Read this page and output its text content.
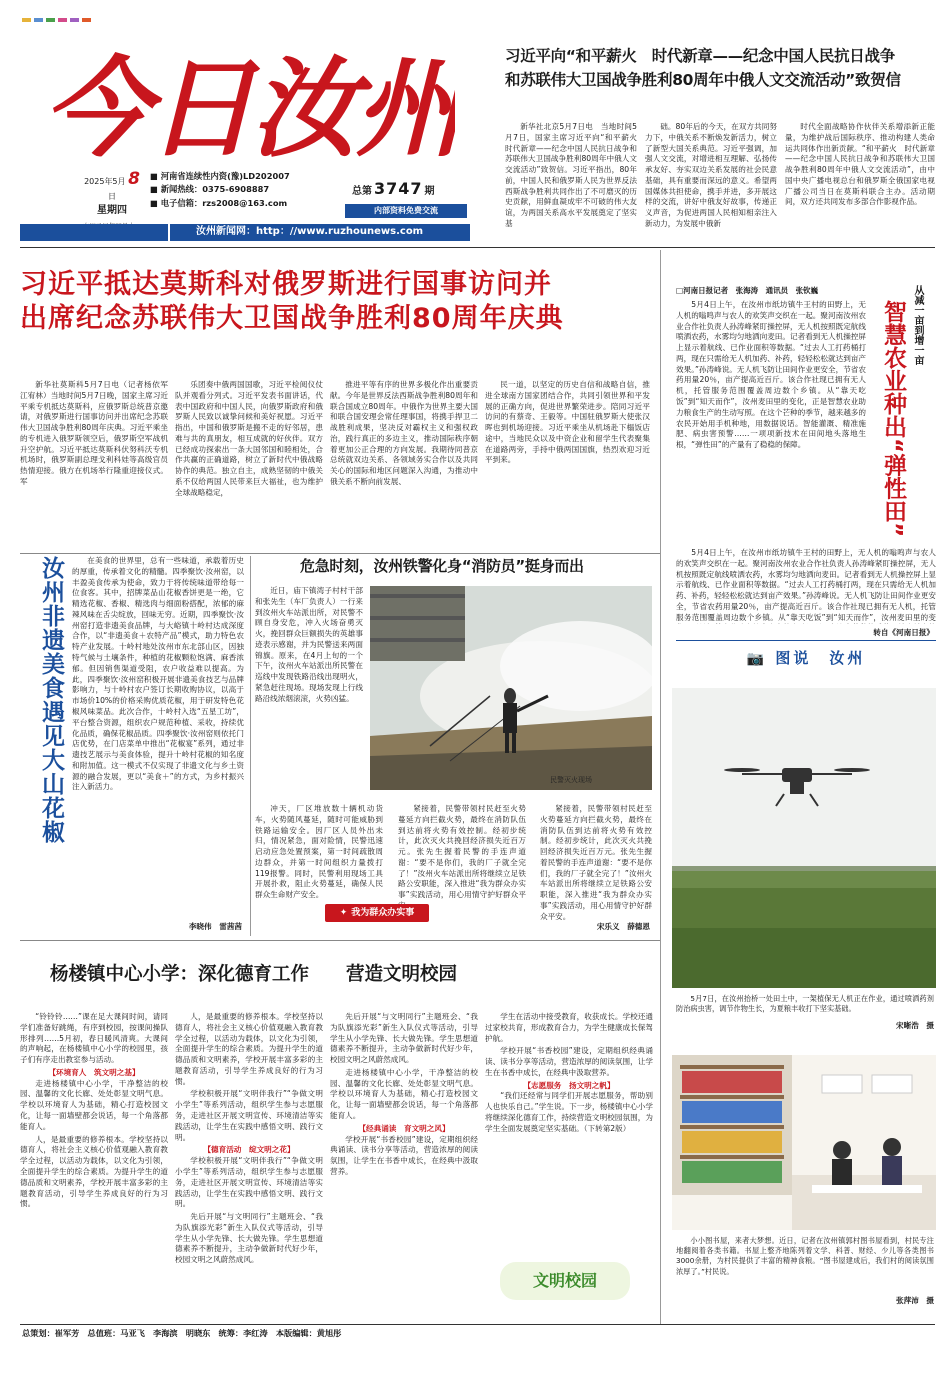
今日汝州
2025年5月 8 日
星期四
■ 河南省连续性内资(豫)LD202007
■ 新闻热线：0375-6908887
■ 电子信箱：rzs2008@163.com
总第 3747 期
内部资料免费交流
汝州新闻网：http：//www.ruzhounews.com
习近平向“和平薪火　时代新章——纪念中国人民抗日战争
和苏联伟大卫国战争胜利80周年中俄人文交流活动”致贺信

新华社北京5月7日电　当地时间5月7日，国家主席习近平向“和平薪火　时代新章——纪念中国人民抗日战争和苏联伟大卫国战争胜利80周年中俄人文交流活动”致贺信。习近平指出，80年前，中国人民和俄罗斯人民为世界反法西斯战争胜利共同作出了不可磨灭的历史贡献，用鲜血凝成牢不可破的伟大友谊，为两国关系高水平发展奠定了坚实基

础。80年后的今天，在双方共同努力下，中俄关系不断焕发新活力，树立了新型大国关系典范。习近平强调，加强人文交流，对增进相互理解、弘扬传承友好、夯实双边关系发展的社会民意基础，具有重要而深远的意义。希望两国媒体共担使命，携手并进，多开展这样的交流，讲好中俄友好故事，传递正义声音，为促进两国人民相知相亲注入新动力，为发展中俄新

时代全面战略协作伙伴关系增添新正能量，为维护战后国际秩序、推动构建人类命运共同体作出新贡献。“和平薪火　时代新章——纪念中国人民抗日战争和苏联伟大卫国战争胜利80周年中俄人文交流活动”，由中国中央广播电视总台和俄罗斯全俄国家电视广播公司当日在莫斯科联合主办。活动期间，双方还共同发布多部合作影视作品。

习近平抵达莫斯科对俄罗斯进行国事访问并
出席纪念苏联伟大卫国战争胜利80周年庆典

新华社莫斯科5月7日电（记者杨依军　江宥林）当地时间5月7日晚，国家主席习近平乘专机抵达莫斯科，应俄罗斯总统普京邀请，对俄罗斯进行国事访问并出席纪念苏联伟大卫国战争胜利80周年庆典。习近平乘坐的专机进入俄罗斯领空后，俄罗斯空军战机升空护航。习近平抵达莫斯科伏努科沃专机机场时，俄罗斯副总理戈利科娃等高级官员热情迎接。俄方在机场举行隆重迎接仪式。军

乐团奏中俄两国国歌，习近平检阅仪仗队并观看分列式。习近平发表书面讲话，代表中国政府和中国人民，向俄罗斯政府和俄罗斯人民致以诚挚问候和美好祝愿。习近平指出，中国和俄罗斯是搬不走的好邻居，患难与共的真朋友，相互成就的好伙伴。双方已经成功探索出一条大国邻国和睦相处，合作共赢的正确道路，树立了新时代中俄战略协作的典范。独立自主，成熟坚韧的中俄关系不仅给两国人民带来巨大福祉，也为维护全球战略稳定，

推进平等有序的世界多极化作出重要贡献。今年是世界反法西斯战争胜利80周年和联合国成立80周年。中俄作为世界主要大国和联合国安理会常任理事国，将携手捍卫二战胜利成果，坚决反对霸权主义和强权政治，践行真正的多边主义，推动国际秩序朝着更加公正合理的方向发展。我期待同普京总统就双边关系、各领域务实合作以及共同关心的国际和地区问题深入沟通，为推动中俄关系不断向前发展、

民一道，以坚定的历史自信和战略自信，推进全球南方国家团结合作，共同引领世界和平发展的正确方向，促进世界繁荣进步。陪同习近平访问的有蔡奇、王毅等。中国驻俄罗斯大使张汉晖也到机场迎接。习近平乘坐从机场赴下榻饭店途中，当地民众以及中资企业和留学生代表聚集在道路两旁，手持中俄两国国旗，热烈欢迎习近平到来。

从减一亩到增一亩
智慧农业种出“弹性田”
□河南日报记者　张海涛　通讯员　张钦巍

5月4日上午，在汝州市纸坊镇牛王村的田野上，无人机的嗡鸣声与农人的欢笑声交织在一起。聚河南汝州农业合作社负责人孙涛峰紧盯操控屏，无人机按照既定航线喷洒农药，水雾均匀地洒向麦田。记者看到无人机操控屏上显示着航线、已作业面积等数据。“过去人工打药桶打两，现在只需给无人机加药、补药，轻轻松松就达到亩产效果。”孙涛峰说。无人机飞防让田间作业更安全，节省农药用量20％，亩产提高近百斤。该合作社现已拥有无人机，托管服务范围覆盖周边数个乡镇。从“靠天吃饭”到“知天而作”，汝州麦田里的变化，正是智慧农业助力粮食生产的生动写照。在这个芒种的季节，越来越多的农民开始用手机种地，用数据说话。智能灌溉、精准施肥、病虫害预警……一项项新技术在田间地头落地生根，“弹性田”的产量有了稳稳的保障。

5月4日上午，在汝州市纸坊镇牛王村的田野上，无人机的嗡鸣声与农人的欢笑声交织在一起。聚河南汝州农业合作社负责人孙涛峰紧盯操控屏，无人机按照既定航线喷洒农药，水雾均匀地洒向麦田。记者看到无人机操控屏上显示着航线、已作业面积等数据。“过去人工打药桶打两，现在只需给无人机加药、补药，轻轻松松就达到亩产效果。”孙涛峰说。无人机飞防让田间作业更安全，节省农药用量20％，亩产提高近百斤。该合作社现已拥有无人机，托管服务范围覆盖周边数个乡镇。从“靠天吃饭”到“知天而作”，汝州麦田里的变

转自《河南日报》
汝州非遗美食遇见大山花椒	在美食的世界里，总有一些味道，承载着历史的厚重，传承着文化的精髓。四季聚饮·汝州窑，以丰盈美食传承为使命，致力于将传统味道带给每一位食客。其中，招牌菜品山花椒香饼更是一绝，它精选花椒、香椒、精选肉与细面粉搭配，浓郁的麻辣风味在舌尖绽放，回味无穷。近期，四季聚饮·汝州窑打造非遗美食品牌，与大峪镇十岭村达成深度合作，以“非遗美食＋农特产品”模式，助力特色农特产业发展。十岭村地处汝州市东北部山区，因独特气候与土壤条件，种植的花椒颗粒饱满、麻香浓郁。但因销售渠道受阻，农户收益难以提高。为此，四季聚饮·汝州窑积极开展非遗美食技艺与品牌影响力，与十岭村农户签订长期收购协议，以高于市场价10%的价格采购优质花椒，用于研发特色花椒风味菜品。此次合作，十岭村入选“五星工坊”，平台整合资源，组织农户规范种植、采收，持续优化品质，确保花椒品质。四季聚饮·汝州窑则依托门店优势，在门店菜单中推出“花椒宴”系列，通过非遗技艺展示与美食体验，提升十岭村花椒的知名度和附加值。这一模式不仅实现了非遗文化与乡土资源的融合发展，更以“美食＋”的方式，为乡村振兴注入新活力。

李晓伟　雷茜茜
危急时刻，汝州铁警化身“消防员”挺身而出

近日，庙下镇湾子村村干部和张先生（车厂负责人）一行来到汝州火车站派出所，对民警不顾自身安危，冲入火场奋勇灭火，挽回群众巨额损失的英雄事迹表示感谢，并为民警送来两面锦旗。原来，在4月上旬的一个下午，汝州火车站派出所民警在巡线中发现铁路沿线出现明火，紧急赶往现场。现场发现上行线路沿线浓烟滚滚，火势凶猛。

民警灭火现场

冲天，厂区堆放数十辆机动货车，火势随风蔓延，随时可能威胁到铁路运输安全。因厂区人员外出未归，情况紧急，面对险情，民警迅速启动应急处置预案，第一时间疏散周边群众，并第一时间组织力量拨打119报警。同时，民警利用现场工具开展扑救，阻止火势蔓延，确保人民群众生命财产安全。

紧接着，民警带领村民赶至火势蔓延方向拦截火势，最终在消防队伍到达前将火势有效控制。经初步统计，此次灭火共挽回经济损失近百万元。张先生握着民警的手连声道谢：“要不是你们，我的厂子就全完了！”汝州火车站派出所将继续立足铁路公安职能，深入推进“我为群众办实事”实践活动，用心用情守护好群众平

紧接着，民警带领村民赶至火势蔓延方向拦截火势，最终在消防队伍到达前将火势有效控制。经初步统计，此次灭火共挽回经济损失近百万元。张先生握着民警的手连声道谢：“要不是你们，我的厂子就全完了！”汝州火车站派出所将继续立足铁路公安职能，深入推进“我为群众办实事”实践活动，用心用情守护好群众平安。

✦ 我为群众办实事
宋乐义　薛德恩
杨楼镇中心小学：深化德育工作　　营造文明校园

“铃铃铃……”课在足大课间时间，请同学们准备好跳绳，有序到校园，按课间操队形排列……5月初，春日暖风清爽。大课间的声响起，在杨楼镇中心小学的校园里，孩子们有序走出教室参与活动。

【环境育人　筑文明之基】

走进杨楼镇中心小学，干净整洁的校园、温馨的文化长廊、处处彰显文明气息。学校以环境育人为基础，精心打造校园文化，让每一面墙壁都会说话，每一个角落都能育人。

人，是最重要的修养根本。学校坚持以德育人，将社会主义核心价值观融入教育教学全过程，以活动为载体，以文化为引领，全面提升学生的综合素质。为提升学生的道德品质和文明素养，学校开展丰富多彩的主题教育活动，引导学生养成良好的行为习惯。

人，是最重要的修养根本。学校坚持以德育人，将社会主义核心价值观融入教育教学全过程，以活动为载体，以文化为引领，全面提升学生的综合素质。为提升学生的道德品质和文明素养，学校开展丰富多彩的主题教育活动，引导学生养成良好的行为习惯。

学校积极开展“文明伴我行”“争做文明小学生”等系列活动，组织学生参与志愿服务，走进社区开展文明宣传、环境清洁等实践活动，让学生在实践中感悟文明、践行文明。

【德育活动　绽文明之花】

学校积极开展“文明伴我行”“争做文明小学生”等系列活动，组织学生参与志愿服务，走进社区开展文明宣传、环境清洁等实践活动，让学生在实践中感悟文明、践行文明。

先后开展“与文明同行”主题班会、“我为队旗添光彩”新生入队仪式等活动，引导学生从小学先锋、长大做先锋。学生思想道德素养不断提升，主动争做新时代好少年，校园文明之风蔚然成风。

先后开展“与文明同行”主题班会、“我为队旗添光彩”新生入队仪式等活动，引导学生从小学先锋、长大做先锋。学生思想道德素养不断提升，主动争做新时代好少年，校园文明之风蔚然成风。

走进杨楼镇中心小学，干净整洁的校园、温馨的文化长廊、处处彰显文明气息。学校以环境育人为基础，精心打造校园文化，让每一面墙壁都会说话，每一个角落都能育人。

【经典诵读　育文明之风】

学校开展“书香校园”建设，定期组织经典诵读、读书分享等活动，营造浓厚的阅读氛围，让学生在书香中成长，在经典中汲取营养。

学生在活动中接受教育，收获成长。学校还通过家校共育，形成教育合力，为学生健康成长保驾护航。

学校开展“书香校园”建设，定期组织经典诵读、读书分享等活动，营造浓厚的阅读氛围，让学生在书香中成长，在经典中汲取营养。

【志愿服务　扬文明之帆】

“我们还经常与同学们开展志愿服务，帮助别人也快乐自己。”学生说。下一步，杨楼镇中心小学将继续深化德育工作，持续营造文明校园氛围，为学生全面发展奠定坚实基础。（下转第2版）

文明校园
📷 图说　汝州

5月7日，在汝州抬桥一处田土中，一架植保无人机正在作业，通过喷洒药剂防治病虫害，调节作物生长，为夏粮丰收打下坚实基础。

宋晰浩　摄

小小图书屋，来者大梦想。近日，记者在汝州镇郭村图书屋看到，村民专注地翻阅着各类书籍。书屋上整齐地陈列着文学、科普、财经、少儿等各类图书3000余册，为村民提供了丰富的精神食粮。“图书屋建成后，我们村的阅读氛围浓厚了。”村民说。

张萍沛　摄
总策划：崔军芳　总值班：马亚飞　李海滨　明晓东　统筹：李红涛　本版编辑：黄旭彤
